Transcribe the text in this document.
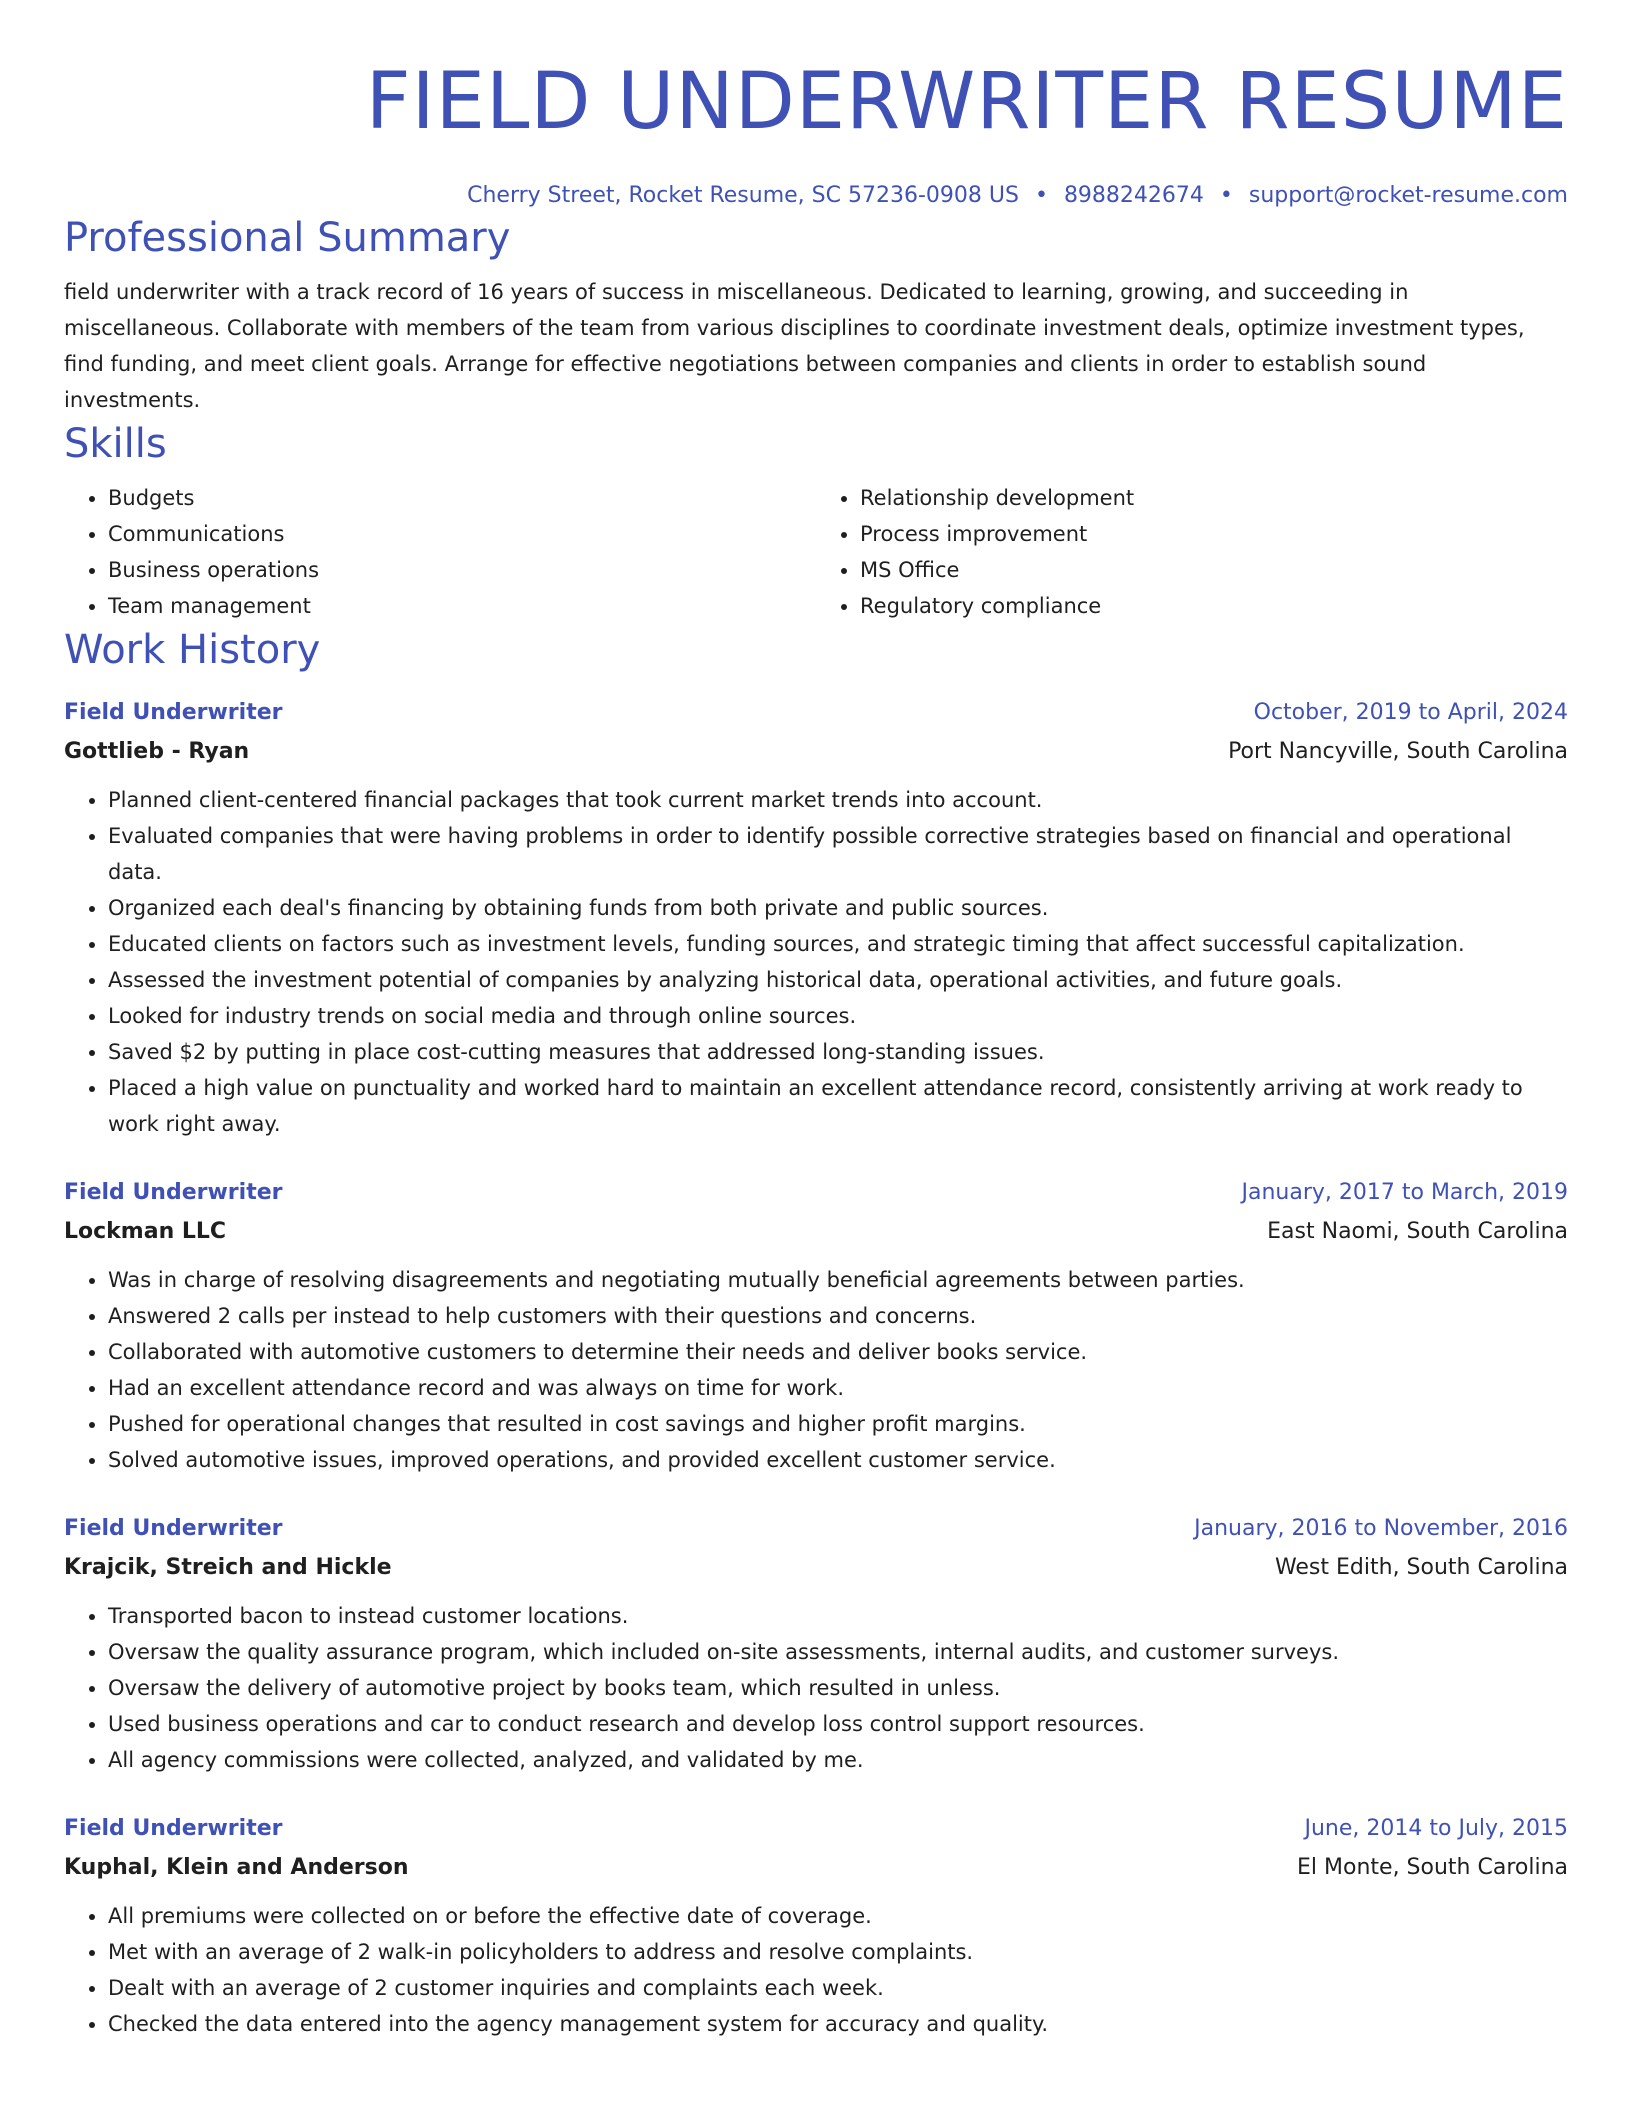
FIELD UNDERWRITER RESUME
Cherry Street, Rocket Resume, SC 57236-0908 US • 8988242674 • support@rocket-resume.com
Professional Summary
field underwriter with a track record of 16 years of success in miscellaneous. Dedicated to learning, growing, and succeeding in miscellaneous. Collaborate with members of the team from various disciplines to coordinate investment deals, optimize investment types, find funding, and meet client goals. Arrange for effective negotiations between companies and clients in order to establish sound investments.
Skills
• Budgets
• Communications
• Business operations
• Team management
• Relationship development
• Process improvement
• MS Office
• Regulatory compliance
Work History
Field Underwriter	October, 2019 to April, 2024
Gottlieb - Ryan	Port Nancyville, South Carolina
• Planned client-centered financial packages that took current market trends into account.
• Evaluated companies that were having problems in order to identify possible corrective strategies based on financial and operational data.
• Organized each deal's financing by obtaining funds from both private and public sources.
• Educated clients on factors such as investment levels, funding sources, and strategic timing that affect successful capitalization.
• Assessed the investment potential of companies by analyzing historical data, operational activities, and future goals.
• Looked for industry trends on social media and through online sources.
• Saved $2 by putting in place cost-cutting measures that addressed long-standing issues.
• Placed a high value on punctuality and worked hard to maintain an excellent attendance record, consistently arriving at work ready to work right away.
Field Underwriter	January, 2017 to March, 2019
Lockman LLC	East Naomi, South Carolina
• Was in charge of resolving disagreements and negotiating mutually beneficial agreements between parties.
• Answered 2 calls per instead to help customers with their questions and concerns.
• Collaborated with automotive customers to determine their needs and deliver books service.
• Had an excellent attendance record and was always on time for work.
• Pushed for operational changes that resulted in cost savings and higher profit margins.
• Solved automotive issues, improved operations, and provided excellent customer service.
Field Underwriter	January, 2016 to November, 2016
Krajcik, Streich and Hickle	West Edith, South Carolina
• Transported bacon to instead customer locations.
• Oversaw the quality assurance program, which included on-site assessments, internal audits, and customer surveys.
• Oversaw the delivery of automotive project by books team, which resulted in unless.
• Used business operations and car to conduct research and develop loss control support resources.
• All agency commissions were collected, analyzed, and validated by me.
Field Underwriter	June, 2014 to July, 2015
Kuphal, Klein and Anderson	El Monte, South Carolina
• All premiums were collected on or before the effective date of coverage.
• Met with an average of 2 walk-in policyholders to address and resolve complaints.
• Dealt with an average of 2 customer inquiries and complaints each week.
• Checked the data entered into the agency management system for accuracy and quality.
